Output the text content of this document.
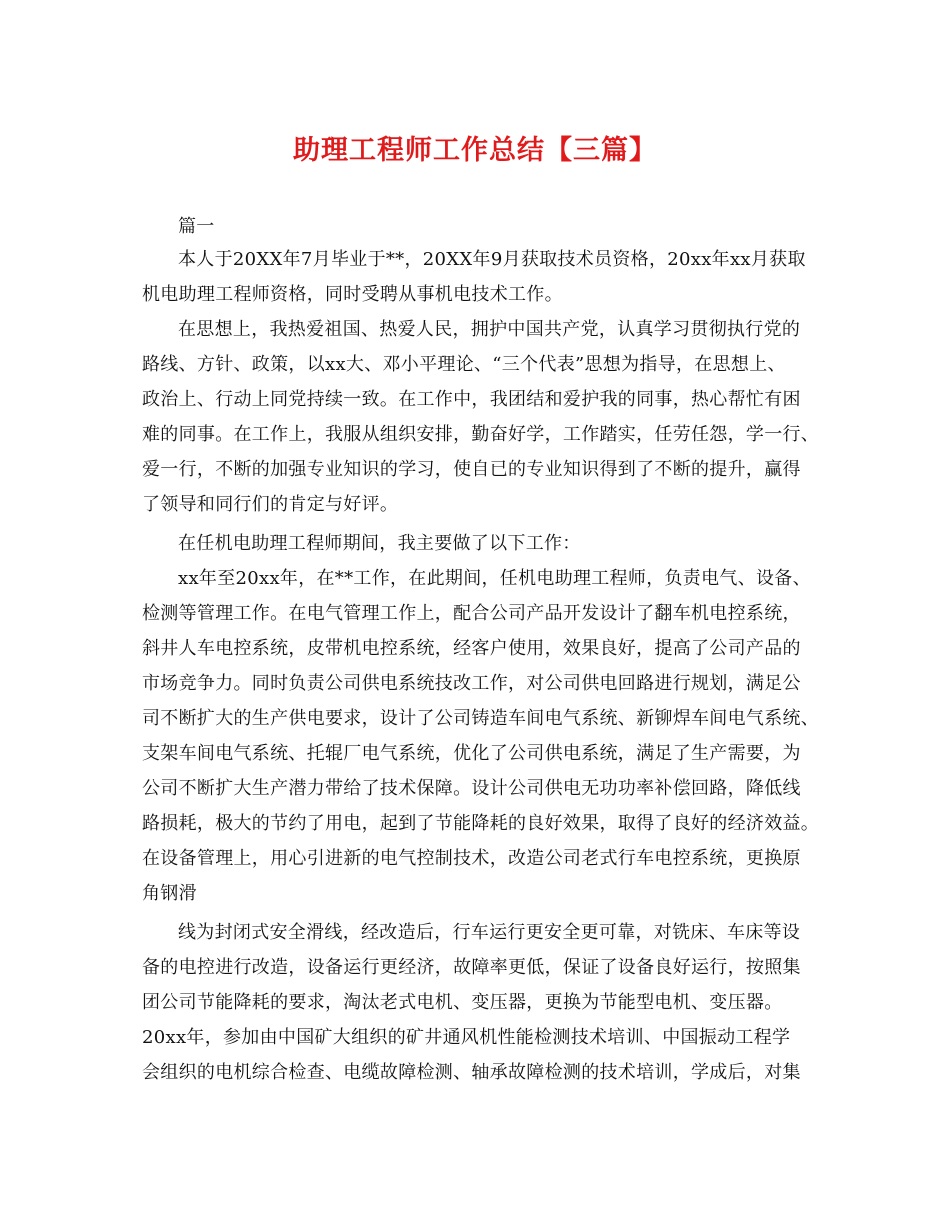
助理工程师工作总结【三篇】
篇一
本人于20XX年7月毕业于**，20XX年9月获取技术员资格，20xx年xx月获取
机电助理工程师资格，同时受聘从事机电技术工作。
在思想上，我热爱祖国、热爱人民，拥护中国共产党，认真学习贯彻执行党的
路线、方针、政策，以xx大、邓小平理论、“三个代表”思想为指导，在思想上、
政治上、行动上同党持续一致。在工作中，我团结和爱护我的同事，热心帮忙有困
难的同事。在工作上，我服从组织安排，勤奋好学，工作踏实，任劳任怨，学一行、
爱一行，不断的加强专业知识的学习，使自已的专业知识得到了不断的提升，赢得
了领导和同行们的肯定与好评。
在任机电助理工程师期间，我主要做了以下工作：
xx年至20xx年，在**工作，在此期间，任机电助理工程师，负责电气、设备、
检测等管理工作。在电气管理工作上，配合公司产品开发设计了翻车机电控系统，
斜井人车电控系统，皮带机电控系统，经客户使用，效果良好，提高了公司产品的
市场竞争力。同时负责公司供电系统技改工作，对公司供电回路进行规划，满足公
司不断扩大的生产供电要求，设计了公司铸造车间电气系统、新铆焊车间电气系统、
支架车间电气系统、托辊厂电气系统，优化了公司供电系统，满足了生产需要，为
公司不断扩大生产潜力带给了技术保障。设计公司供电无功功率补偿回路，降低线
路损耗，极大的节约了用电，起到了节能降耗的良好效果，取得了良好的经济效益。
在设备管理上，用心引进新的电气控制技术，改造公司老式行车电控系统，更换原
角钢滑
线为封闭式安全滑线，经改造后，行车运行更安全更可靠，对铣床、车床等设
备的电控进行改造，设备运行更经济，故障率更低，保证了设备良好运行，按照集
团公司节能降耗的要求，淘汰老式电机、变压器，更换为节能型电机、变压器。
20xx年，参加由中国矿大组织的矿井通风机性能检测技术培训、中国振动工程学
会组织的电机综合检查、电缆故障检测、轴承故障检测的技术培训，学成后，对集
